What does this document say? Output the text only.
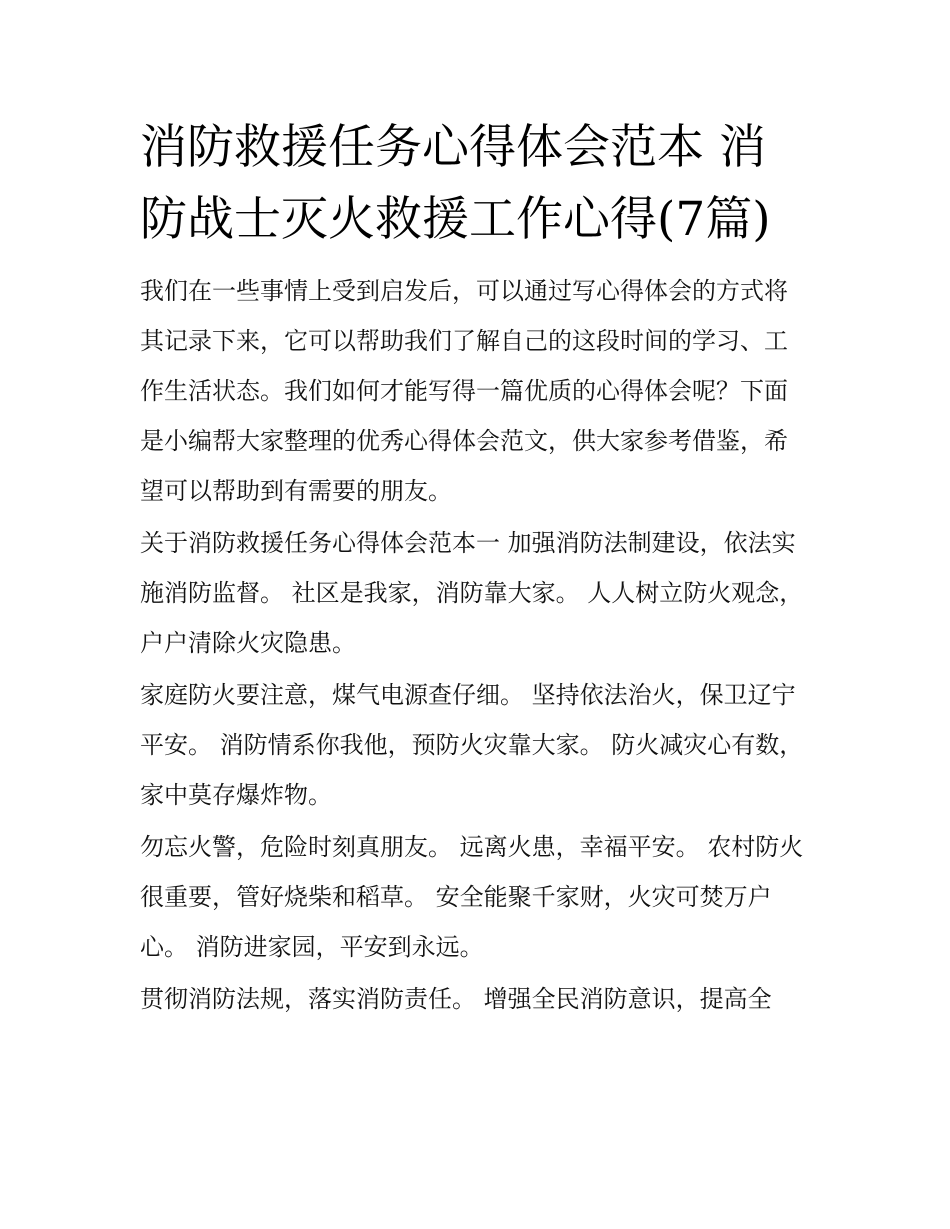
消防救援任务心得体会范本 消防战士灭火救援工作心得(7篇)

我们在一些事情上受到启发后，可以通过写心得体会的方式将其记录下来，它可以帮助我们了解自己的这段时间的学习、工作生活状态。我们如何才能写得一篇优质的心得体会呢？下面是小编帮大家整理的优秀心得体会范文，供大家参考借鉴，希望可以帮助到有需要的朋友。

关于消防救援任务心得体会范本一 加强消防法制建设，依法实施消防监督。 社区是我家，消防靠大家。 人人树立防火观念，户户清除火灾隐患。

家庭防火要注意，煤气电源查仔细。 坚持依法治火，保卫辽宁平安。 消防情系你我他，预防火灾靠大家。 防火减灾心有数，家中莫存爆炸物。

勿忘火警，危险时刻真朋友。 远离火患，幸福平安。 农村防火很重要，管好烧柴和稻草。 安全能聚千家财，火灾可焚万户心。 消防进家园，平安到永远。

贯彻消防法规，落实消防责任。 增强全民消防意识，提高全
